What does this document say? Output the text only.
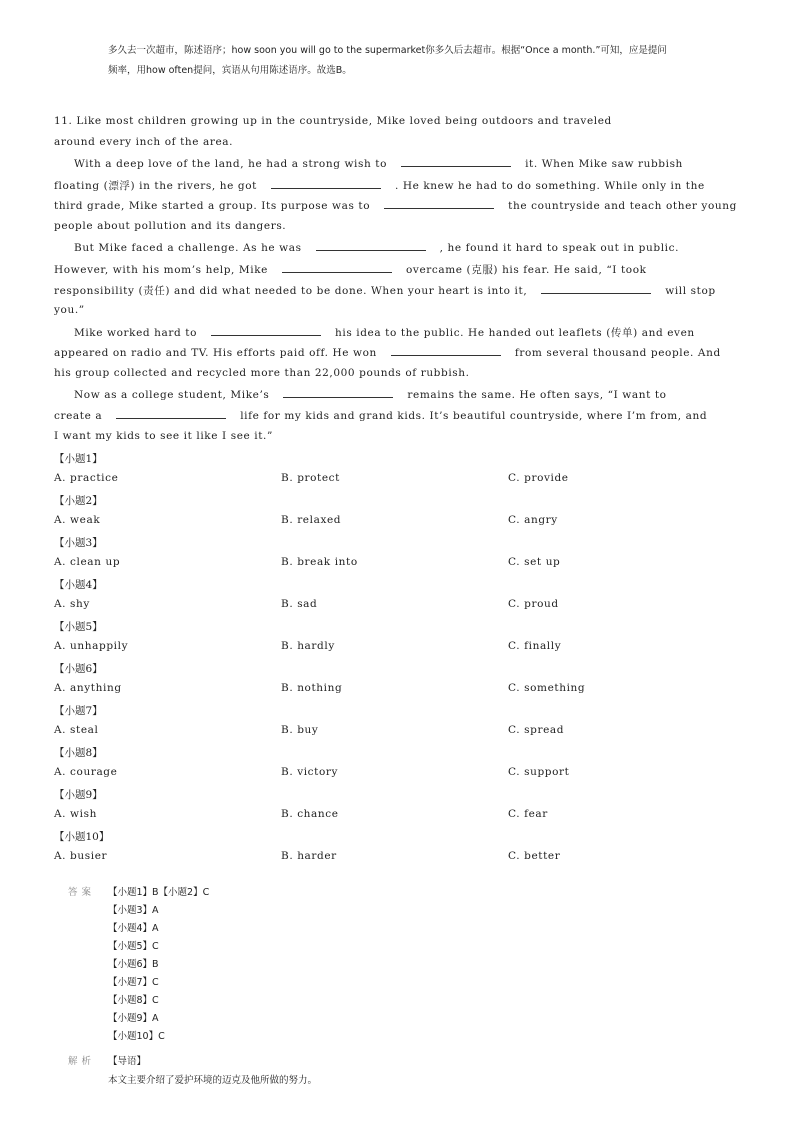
多久去一次超市，陈述语序；how soon you will go to the supermarket你多久后去超市。根据“Once a month.”可知，应是提问
频率，用how often提问，宾语从句用陈述语序。故选B。
11. Like most children growing up in the countryside, Mike loved being outdoors and traveled
around every inch of the area.
With a deep love of the land, he had a strong wish to	it. When Mike saw rubbish
floating (漂浮) in the rivers, he got	. He knew he had to do something. While only in the
third grade, Mike started a group. Its purpose was to	the countryside and teach other young
people about pollution and its dangers.
But Mike faced a challenge. As he was	, he found it hard to speak out in public.
However, with his mom’s help, Mike	overcame (克服) his fear. He said, “I took
responsibility (责任) and did what needed to be done. When your heart is into it,	will stop
you.”
Mike worked hard to	his idea to the public. He handed out leaflets (传单) and even
appeared on radio and TV. His efforts paid off. He won	from several thousand people. And
his group collected and recycled more than 22,000 pounds of rubbish.
Now as a college student, Mike’s	remains the same. He often says, “I want to
create a	life for my kids and grand kids. It’s beautiful countryside, where I’m from, and
I want my kids to see it like I see it.”
【小题1】
A. practice	B. protect	C. provide
【小题2】
A. weak	B. relaxed	C. angry
【小题3】
A. clean up	B. break into	C. set up
【小题4】
A. shy	B. sad	C. proud
【小题5】
A. unhappily	B. hardly	C. finally
【小题6】
A. anything	B. nothing	C. something
【小题7】
A. steal	B. buy	C. spread
【小题8】
A. courage	B. victory	C. support
【小题9】
A. wish	B. chance	C. fear
【小题10】
A. busier	B. harder	C. better
答案 【小题1】B【小题2】C
【小题3】A
【小题4】A
【小题5】C
【小题6】B
【小题7】C
【小题8】C
【小题9】A
【小题10】C
解析 【导语】
本文主要介绍了爱护环境的迈克及他所做的努力。
